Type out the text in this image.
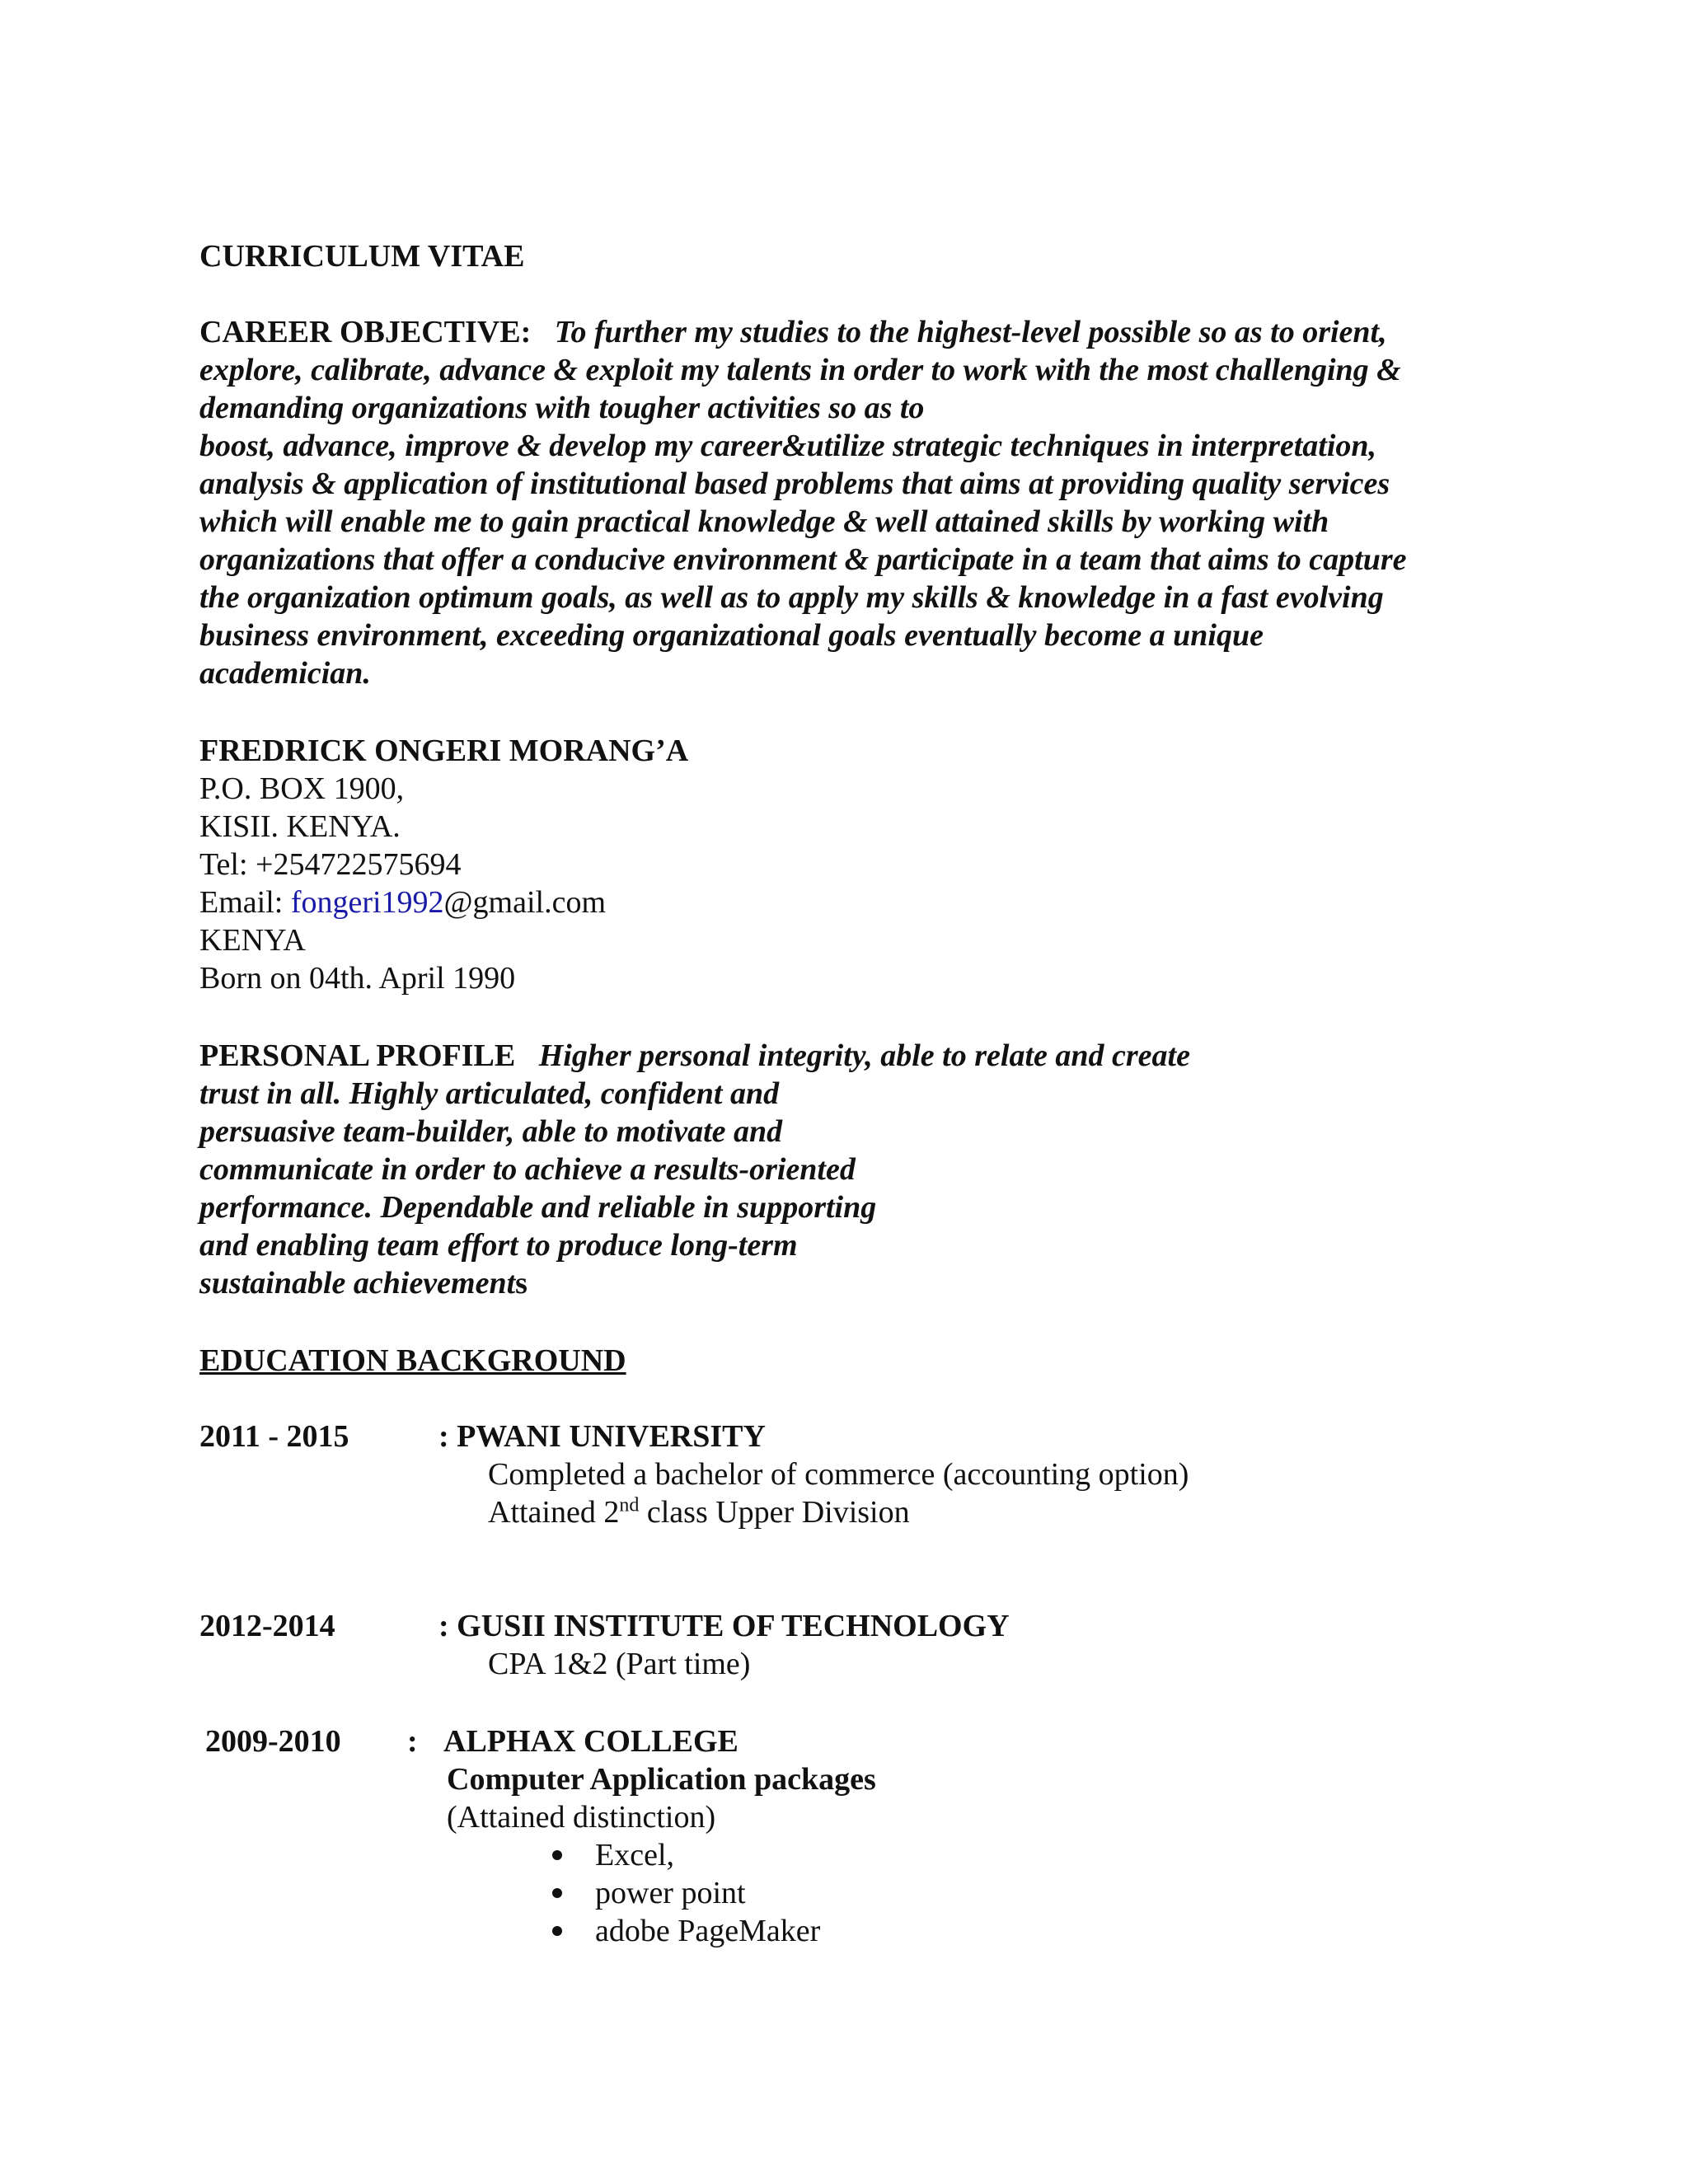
CURRICULUM VITAE
CAREER OBJECTIVE: To further my studies to the highest-level possible so as to orient,
explore, calibrate, advance & exploit my talents in order to work with the most challenging &
demanding organizations with tougher activities so as to
boost, advance, improve & develop my career&utilize strategic techniques in interpretation,
analysis & application of institutional based problems that aims at providing quality services
which will enable me to gain practical knowledge & well attained skills by working with
organizations that offer a conducive environment & participate in a team that aims to capture
the organization optimum goals, as well as to apply my skills & knowledge in a fast evolving
business environment, exceeding organizational goals eventually become a unique
academician.
FREDRICK ONGERI MORANG’A
P.O. BOX 1900,
KISII. KENYA.
Tel: +254722575694
Email: fongeri1992@gmail.com
KENYA
Born on 04th. April 1990
PERSONAL PROFILE Higher personal integrity, able to relate and create
trust in all. Highly articulated, confident and
persuasive team-builder, able to motivate and
communicate in order to achieve a results-oriented
performance. Dependable and reliable in supporting
and enabling team effort to produce long-term
sustainable achievements
EDUCATION BACKGROUND
2011 - 2015	: PWANI UNIVERSITY
Completed a bachelor of commerce (accounting option)
Attained 2nd class Upper Division
2012-2014	: GUSII INSTITUTE OF TECHNOLOGY
CPA 1&2 (Part time)
2009-2010 : ALPHAX COLLEGE
Computer Application packages
(Attained distinction)
Excel,
power point
adobe PageMaker
